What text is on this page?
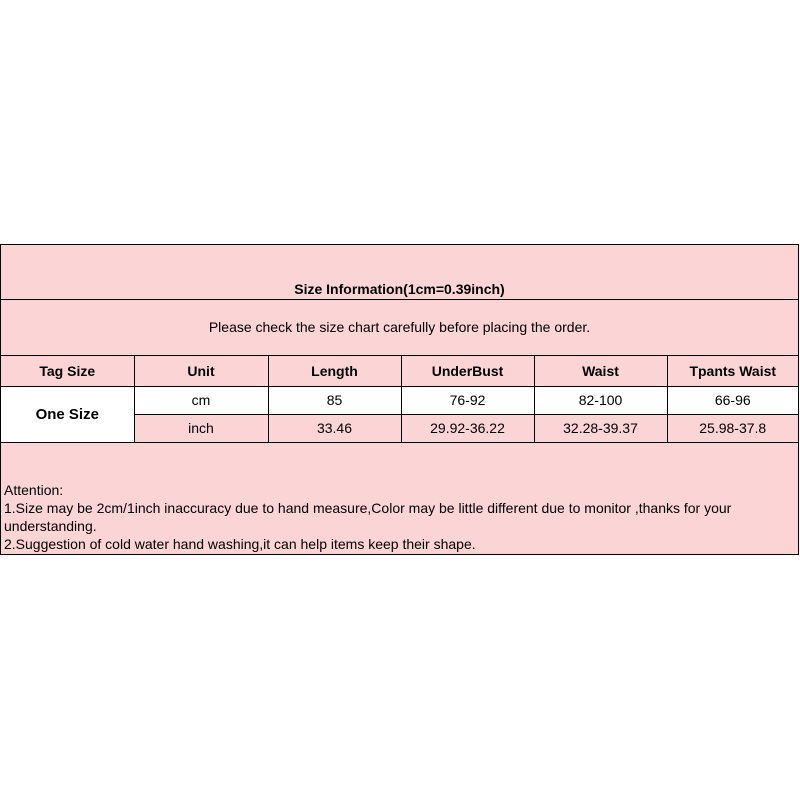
Size Information(1cm=0.39inch)
Please check the size chart carefully before placing the order.
Tag Size	Unit	Length	UnderBust	Waist	Tpants Waist
One Size	cm	85	76-92	82-100	66-96
	inch	33.46	29.92-36.22	32.28-39.37	25.98-37.8
Attention:
1.Size may be 2cm/1inch inaccuracy due to hand measure,Color may be little different due to monitor ,thanks for your understanding.
2.Suggestion of cold water hand washing,it can help items keep their shape.
